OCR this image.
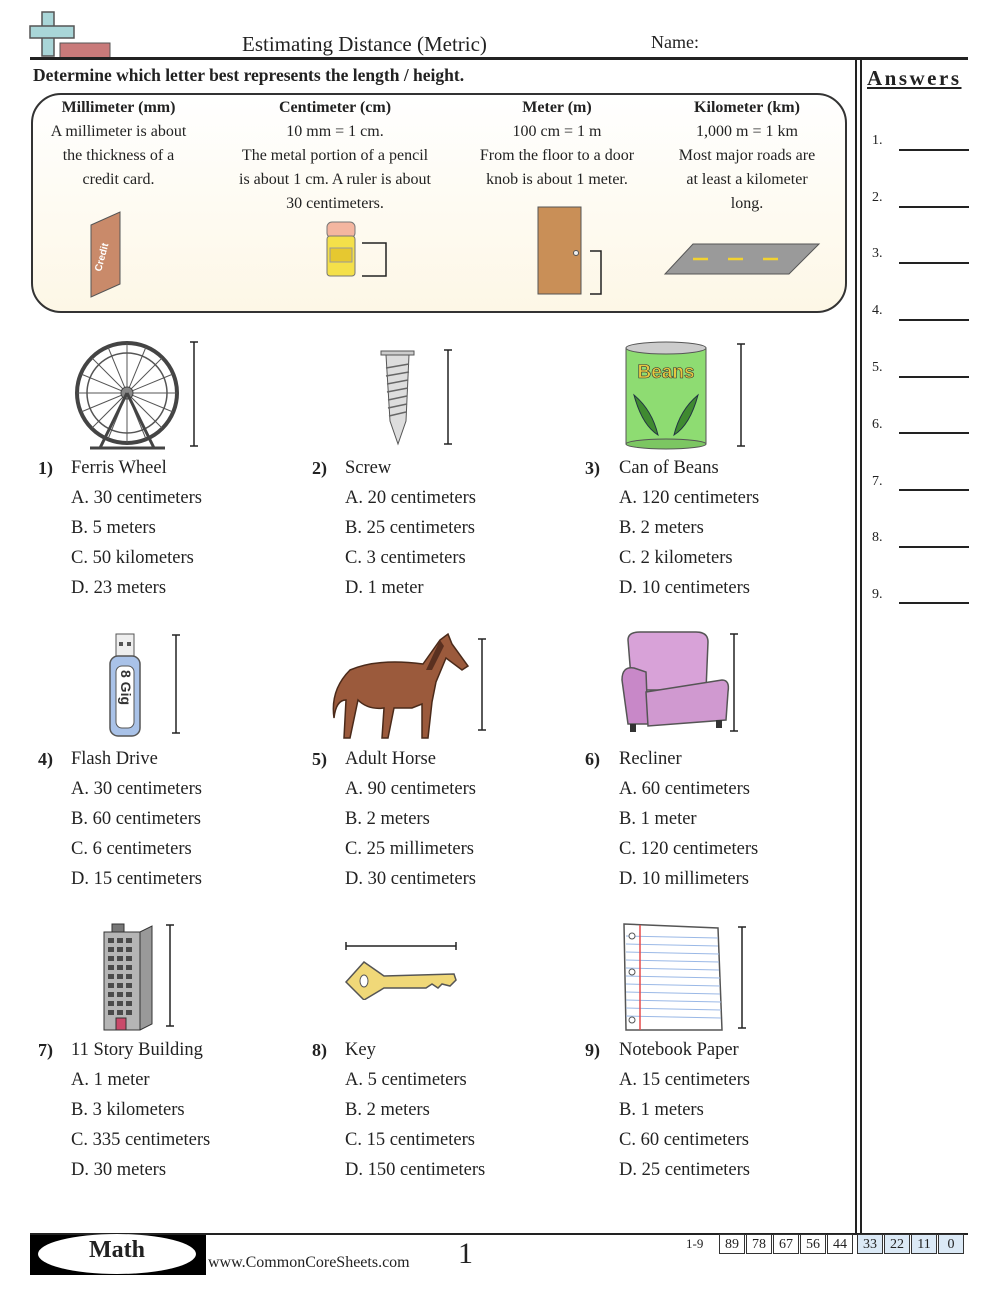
Estimating Distance (Metric)	Name:
Determine which letter best represents the length / height.	Answers
Millimeter (mm)
A millimeter is about
the thickness of a
credit card.
Centimeter (cm)
10 mm = 1 cm.
The metal portion of a pencil
is about 1 cm. A ruler is about
30 centimeters.
Meter (m)
100 cm = 1 m
From the floor to a door
knob is about 1 meter.
Kilometer (km)
1,000 m = 1 km
Most major roads are
at least a kilometer
long.
Credit
Beans
8 Gig
1) Ferris Wheel
A. 30 centimeters
B. 5 meters
C. 50 kilometers
D. 23 meters
2) Screw
A. 20 centimeters
B. 25 centimeters
C. 3 centimeters
D. 1 meter
3) Can of Beans
A. 120 centimeters
B. 2 meters
C. 2 kilometers
D. 10 centimeters
4) Flash Drive
A. 30 centimeters
B. 60 centimeters
C. 6 centimeters
D. 15 centimeters
5) Adult Horse
A. 90 centimeters
B. 2 meters
C. 25 millimeters
D. 30 centimeters
6) Recliner
A. 60 centimeters
B. 1 meter
C. 120 centimeters
D. 10 millimeters
7) 11 Story Building
A. 1 meter
B. 3 kilometers
C. 335 centimeters
D. 30 meters
8) Key
A. 5 centimeters
B. 2 meters
C. 15 centimeters
D. 150 centimeters
9) Notebook Paper
A. 15 centimeters
B. 1 meters
C. 60 centimeters
D. 25 centimeters
1.
2.
3.
4.
5.
6.
7.
8.
9.
Math	www.CommonCoreSheets.com 1	1-9	89 78 67 56 44	33 22 11	0
